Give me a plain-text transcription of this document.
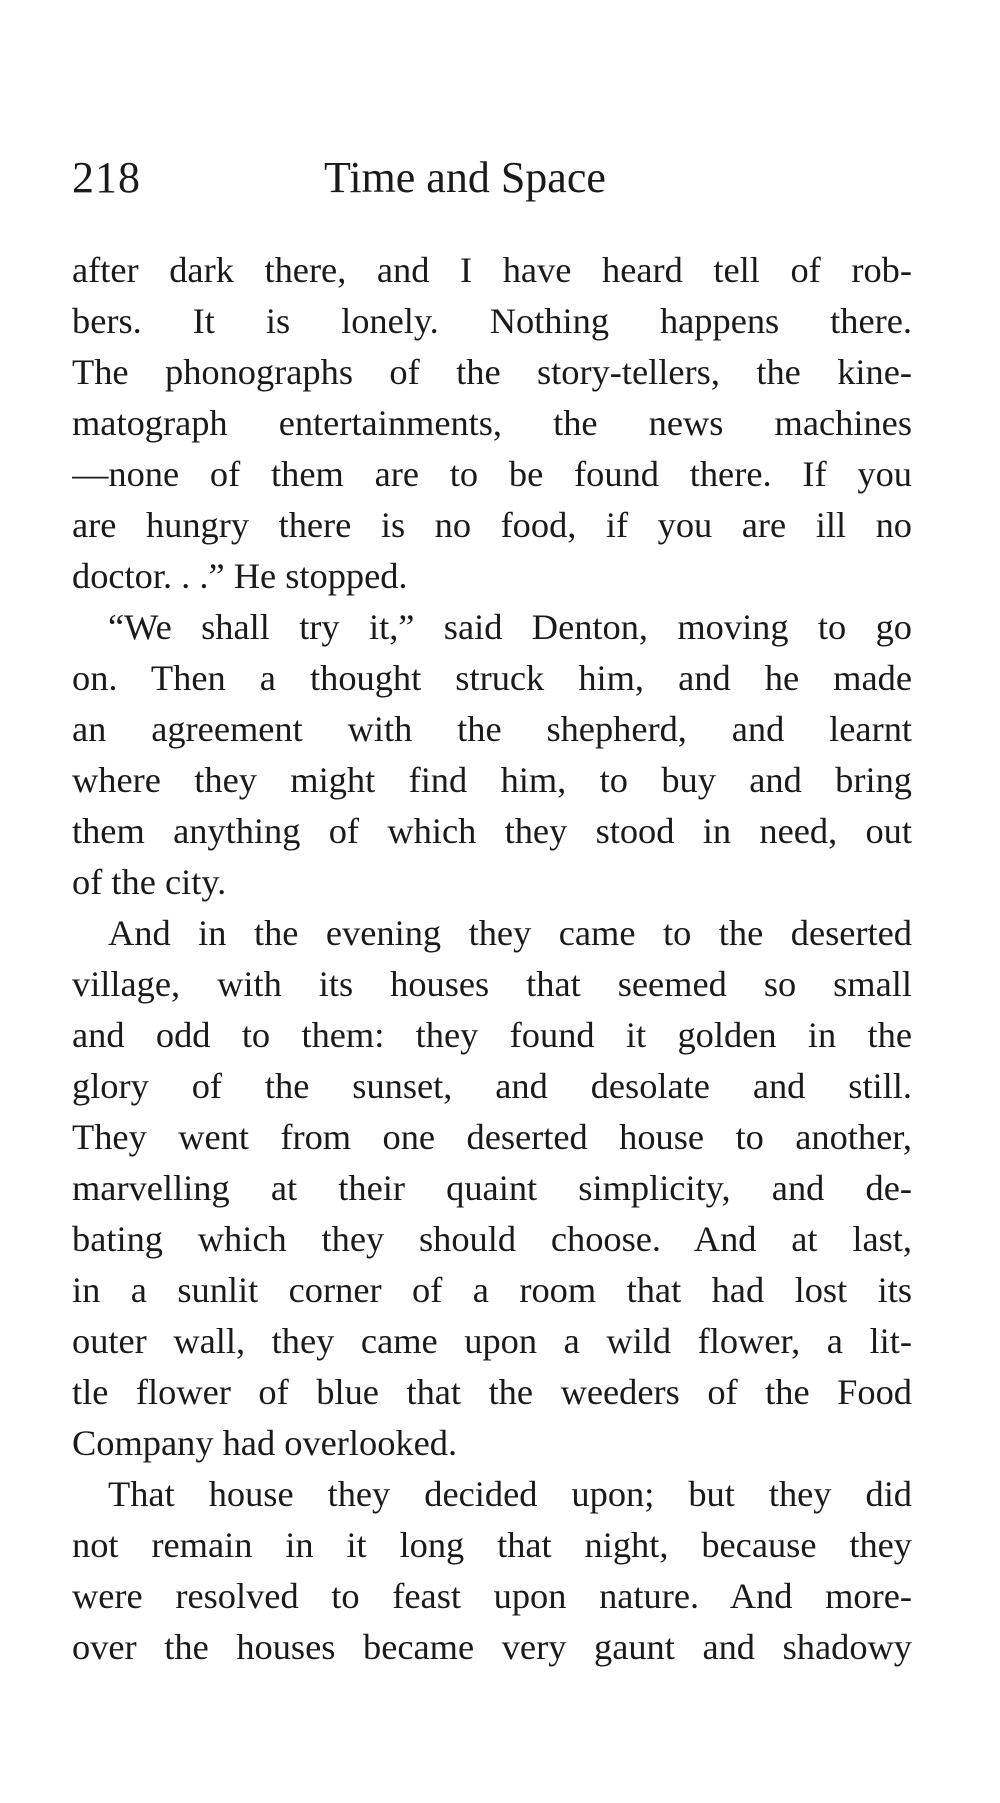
218	Time and Space
after dark there, and I have heard tell of rob-
bers. It is lonely. Nothing happens there.
The phonographs of the story-tellers, the kine-
matograph entertainments, the news machines
—none of them are to be found there. If you
are hungry there is no food, if you are ill no
doctor. . .” He stopped.
“We shall try it,” said Denton, moving to go
on. Then a thought struck him, and he made
an agreement with the shepherd, and learnt
where they might find him, to buy and bring
them anything of which they stood in need, out
of the city.
And in the evening they came to the deserted
village, with its houses that seemed so small
and odd to them: they found it golden in the
glory of the sunset, and desolate and still.
They went from one deserted house to another,
marvelling at their quaint simplicity, and de-
bating which they should choose. And at last,
in a sunlit corner of a room that had lost its
outer wall, they came upon a wild flower, a lit-
tle flower of blue that the weeders of the Food
Company had overlooked.
That house they decided upon; but they did
not remain in it long that night, because they
were resolved to feast upon nature. And more-
over the houses became very gaunt and shadowy
